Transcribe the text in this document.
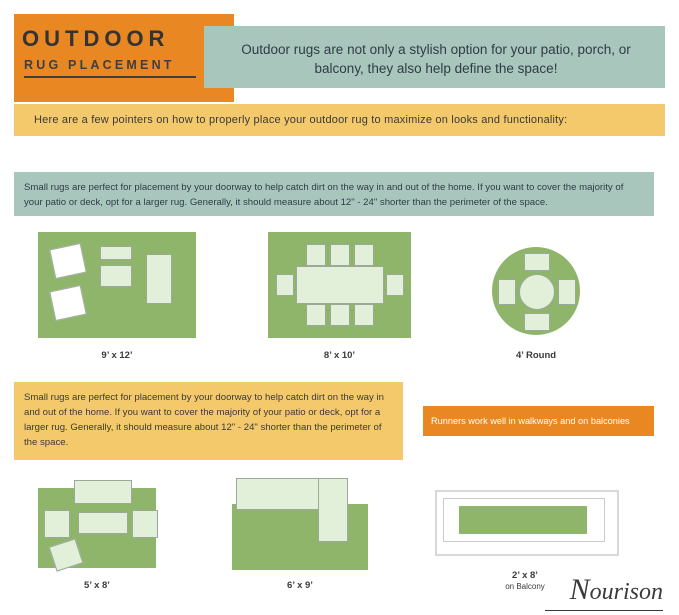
OUTDOOR
RUG PLACEMENT
Outdoor rugs are not only a stylish option for your patio, porch, or balcony, they also help define the space!
Here are a few pointers on how to properly place your outdoor rug to maximize on looks and functionality:
Small rugs are perfect for placement by your doorway to help catch dirt on the way in and out of the home. If you want to cover the majority of your patio or deck, opt for a larger rug. Generally, it should measure about 12" - 24" shorter than the perimeter of the space.
9’ x 12’	8’ x 10’	4’ Round
Small rugs are perfect for placement by your doorway to help catch dirt on the way in and out of the home. If you want to cover the majority of your patio or deck, opt for a larger rug. Generally, it should measure about 12" - 24" shorter than the perimeter of the space.
Runners work well in walkways and on balconies
5’ x 8’	6’ x 9’
2’ x 8’
on Balcony Nourison
